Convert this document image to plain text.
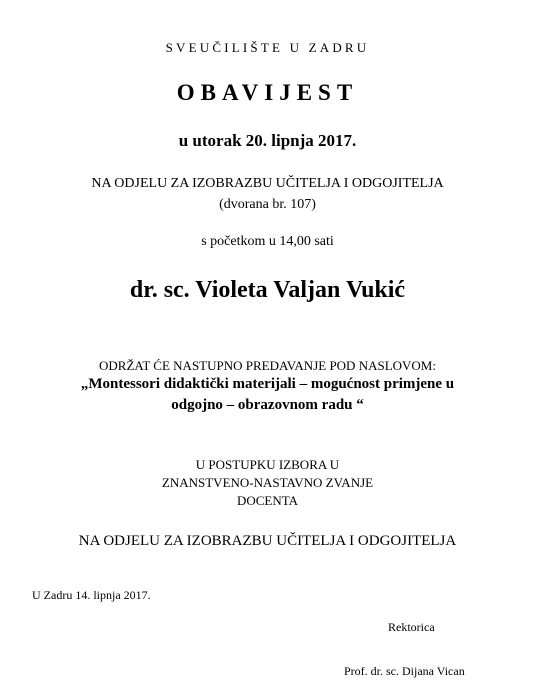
SVEUČILIŠTE U ZADRU
OBAVIJEST
u utorak 20. lipnja 2017.
NA ODJELU ZA IZOBRAZBU UČITELJA I ODGOJITELJA
(dvorana br. 107)
s početkom u 14,00 sati
dr. sc. Violeta Valjan Vukić
ODRŽAT ĆE NASTUPNO PREDAVANJE POD NASLOVOM:
„Montessori didaktički materijali – mogućnost primjene u
odgojno – obrazovnom radu “
U POSTUPKU IZBORA U
ZNANSTVENO-NASTAVNO ZVANJE
DOCENTA
NA ODJELU ZA IZOBRAZBU UČITELJA I ODGOJITELJA
U Zadru 14. lipnja 2017.
Rektorica
Prof. dr. sc. Dijana Vican
